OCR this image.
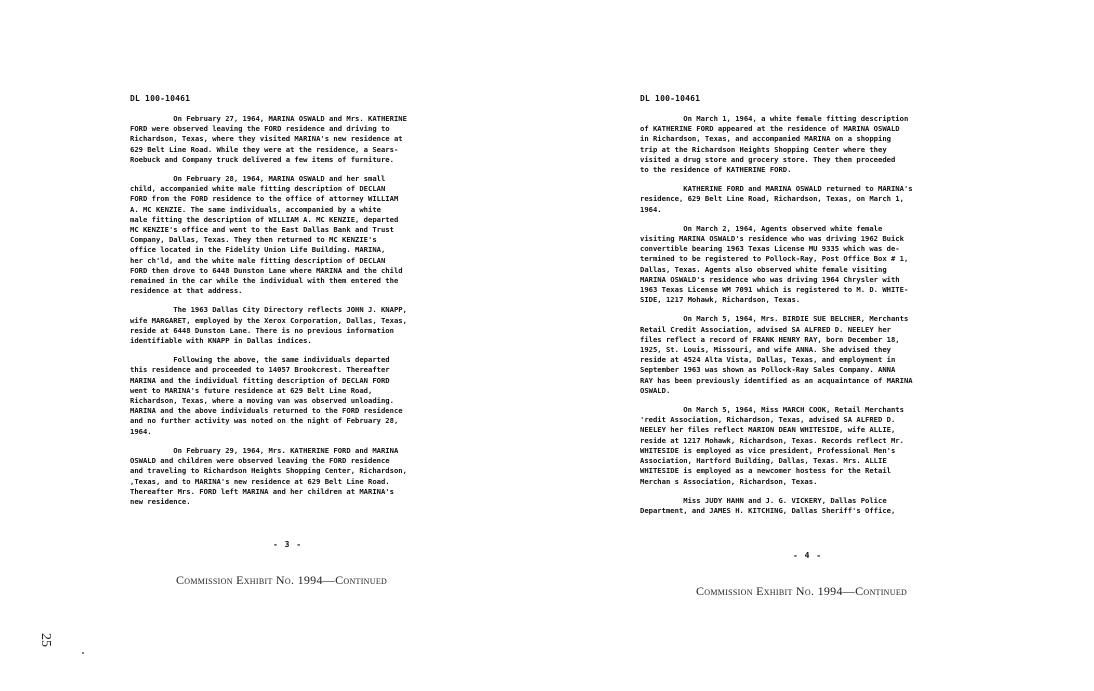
DL 100-10461
On February 27, 1964, MARINA OSWALD and Mrs. KATHERINE
FORD were observed leaving the FORD residence and driving to
Richardson, Texas, where they visited MARINA's new residence at
629 Belt Line Road. While they were at the residence, a Sears-
Roebuck and Company truck delivered a few items of furniture.
On February 28, 1964, MARINA OSWALD and her small
child, accompanied white male fitting description of DECLAN
FORD from the FORD residence to the office of attorney WILLIAM
A. MC KENZIE. The same individuals, accompanied by a white
male fitting the description of WILLIAM A. MC KENZIE, departed
MC KENZIE's office and went to the East Dallas Bank and Trust
Company, Dallas, Texas. They then returned to MC KENZIE's
office located in the Fidelity Union Life Building. MARINA,
her ch'ld, and the white male fitting description of DECLAN
FORD then drove to 6448 Dunston Lane where MARINA and the child
remained in the car while the individual with them entered the
residence at that address.
The 1963 Dallas City Directory reflects JOHN J. KNAPP,
wife MARGARET, employed by the Xerox Corporation, Dallas, Texas,
reside at 6448 Dunston Lane. There is no previous information
identifiable with KNAPP in Dallas indices.
Following the above, the same individuals departed
this residence and proceeded to 14057 Brookcrest. Thereafter
MARINA and the individual fitting description of DECLAN FORD
went to MARINA's future residence at 629 Belt Line Road,
Richardson, Texas, where a moving van was observed unloading.
MARINA and the above individuals returned to the FORD residence
and no further activity was noted on the night of February 28,
1964.
On February 29, 1964, Mrs. KATHERINE FORD and MARINA
OSWALD and children were observed leaving the FORD residence
and traveling to Richardson Heights Shopping Center, Richardson,
,Texas, and to MARINA's new residence at 629 Belt Line Road.
Thereafter Mrs. FORD left MARINA and her children at MARINA's
new residence.
- 3 -
Commission Exhibit No. 1994—Continued
DL 100-10461
On March 1, 1964, a white female fitting description
of KATHERINE FORD appeared at the residence of MARINA OSWALD
in Richardson, Texas, and accompanied MARINA on a shopping
trip at the Richardson Heights Shopping Center where they
visited a drug store and grocery store. They then proceeded
to the residence of KATHERINE FORD.
KATHERINE FORD and MARINA OSWALD returned to MARINA's
residence, 629 Belt Line Road, Richardson, Texas, on March 1,
1964.
On March 2, 1964, Agents observed white female
visiting MARINA OSWALD's residence who was driving 1962 Buick
convertible bearing 1963 Texas License MU 9335 which was de-
termined to be registered to Pollock-Ray, Post Office Box # 1,
Dallas, Texas. Agents also observed white female visiting
MARINA OSWALD's residence who was driving 1964 Chrysler with
1963 Texas License WM 7091 which is registered to M. D. WHITE-
SIDE, 1217 Mohawk, Richardson, Texas.
On March 5, 1964, Mrs. BIRDIE SUE BELCHER, Merchants
Retail Credit Association, advised SA ALFRED D. NEELEY her
files reflect a record of FRANK HENRY RAY, born December 18,
1925, St. Louis, Missouri, and wife ANNA. She advised they
reside at 4524 Alta Vista, Dallas, Texas, and employment in
September 1963 was shown as Pollock-Ray Sales Company. ANNA
RAY has been previously identified as an acquaintance of MARINA
OSWALD.
On March 5, 1964, Miss MARCH COOK, Retail Merchants
'redit Association, Richardson, Texas, advised SA ALFRED D.
NEELEY her files reflect MARION DEAN WHITESIDE, wife ALLIE,
reside at 1217 Mohawk, Richardson, Texas. Records reflect Mr.
WHITESIDE is employed as vice president, Professional Men's
Association, Hartford Building, Dallas, Texas. Mrs. ALLIE
WHITESIDE is employed as a newcomer hostess for the Retail
Merchan s Association, Richardson, Texas.
Miss JUDY HAHN and J. G. VICKERY, Dallas Police
Department, and JAMES H. KITCHING, Dallas Sheriff's Office,
- 4 -
Commission Exhibit No. 1994—Continued
25
